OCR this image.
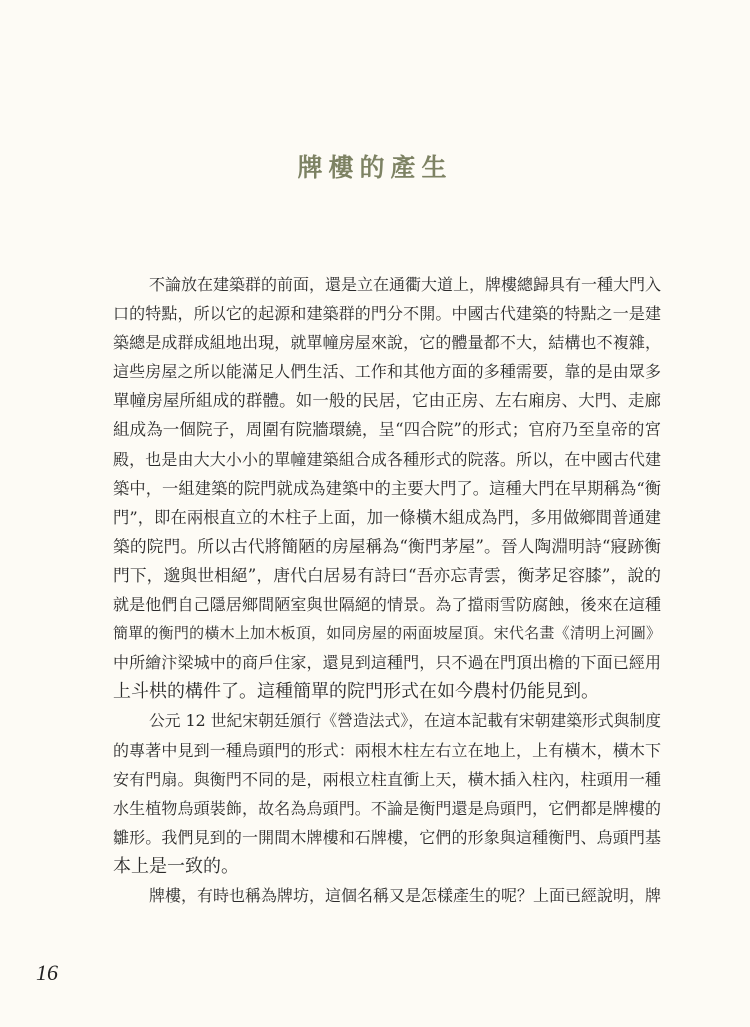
牌樓的產生
不論放在建築群的前面，還是立在通衢大道上，牌樓總歸具有一種大門入
口的特點，所以它的起源和建築群的門分不開。中國古代建築的特點之一是建
築總是成群成組地出現，就單幢房屋來說，它的體量都不大，結構也不複雜，
這些房屋之所以能滿足人們生活、工作和其他方面的多種需要，靠的是由眾多
單幢房屋所組成的群體。如一般的民居，它由正房、左右廂房、大門、走廊
組成為一個院子，周圍有院牆環繞，呈“四合院”的形式；官府乃至皇帝的宮
殿，也是由大大小小的單幢建築組合成各種形式的院落。所以，在中國古代建
築中，一組建築的院門就成為建築中的主要大門了。這種大門在早期稱為“衡
門”，即在兩根直立的木柱子上面，加一條橫木組成為門，多用做鄉間普通建
築的院門。所以古代將簡陋的房屋稱為“衡門茅屋”。晉人陶淵明詩“寢跡衡
門下，邈與世相絕”，唐代白居易有詩曰“吾亦忘青雲，衡茅足容膝”，說的
就是他們自己隱居鄉間陋室與世隔絕的情景。為了擋雨雪防腐蝕，後來在這種
簡單的衡門的橫木上加木板頂，如同房屋的兩面坡屋頂。宋代名畫《清明上河圖》
中所繪汴梁城中的商戶住家，還見到這種門，只不過在門頂出檐的下面已經用
上斗栱的構件了。這種簡單的院門形式在如今農村仍能見到。
公元 12 世紀宋朝廷頒行《營造法式》，在這本記載有宋朝建築形式與制度
的專著中見到一種烏頭門的形式：兩根木柱左右立在地上，上有橫木，橫木下
安有門扇。與衡門不同的是，兩根立柱直衝上天，橫木插入柱內，柱頭用一種
水生植物烏頭裝飾，故名為烏頭門。不論是衡門還是烏頭門，它們都是牌樓的
雛形。我們見到的一開間木牌樓和石牌樓，它們的形象與這種衡門、烏頭門基
本上是一致的。
牌樓，有時也稱為牌坊，這個名稱又是怎樣產生的呢？上面已經說明，牌
16
